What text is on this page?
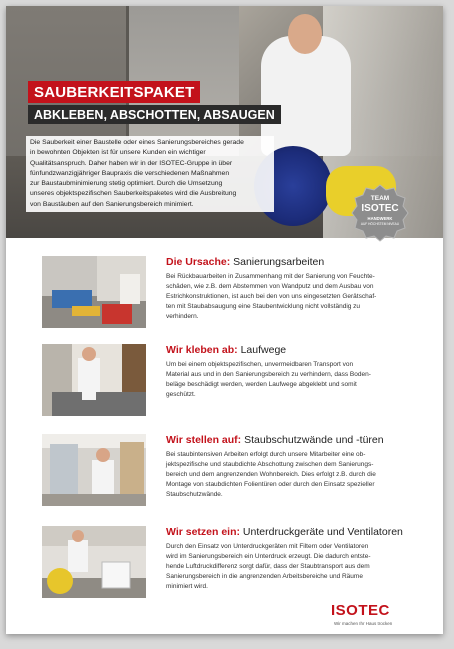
SAUBERKEITSPAKET
ABKLEBEN, ABSCHOTTEN, ABSAUGEN
Die Sauberkeit einer Baustelle oder eines Sanierungsbereiches gerade
in bewohnten Objekten ist für unsere Kunden ein wichtiger
Qualitätsanspruch. Daher haben wir in der ISOTEC-Gruppe in über
fünfundzwanzigjähriger Baupraxis die verschiedenen Maßnahmen
zur Baustaubminimierung stetig optimiert. Durch die Umsetzung
unseres objektspezifischen Sauberkeitspaketes wird die Ausbreitung
von Baustäuben auf den Sanierungsbereich minimiert.
TEAM
ISOTEC
HANDWERK
AUF HÖCHSTEM NIVEAU

Die Ursache: Sanierungsarbeiten

Bei Rückbauarbeiten in Zusammenhang mit der Sanierung von Feuchte-
schäden, wie z.B. dem Abstemmen von Wandputz und dem Ausbau von
Estrichkonstruktionen, ist auch bei den von uns eingesetzten Gerätschaf-
ten mit Staubabsaugung eine Staubentwicklung nicht vollständig zu
verhindern.

Wir kleben ab: Laufwege

Um bei einem objektspezifischen, unvermeidbaren Transport von
Material aus und in den Sanierungsbereich zu verhindern, dass Boden-
beläge beschädigt werden, werden Laufwege abgeklebt und somit
geschützt.

Wir stellen auf: Staubschutzwände und -türen

Bei staubintensiven Arbeiten erfolgt durch unsere Mitarbeiter eine ob-
jektspezifische und staubdichte Abschottung zwischen dem Sanierungs-
bereich und dem angrenzenden Wohnbereich. Dies erfolgt z.B. durch die
Montage von staubdichten Folientüren oder durch den Einsatz spezieller
Staubschutzwände.

Wir setzen ein: Unterdruckgeräte und Ventilatoren

Durch den Einsatz von Unterdruckgeräten mit Filtern oder Ventilatoren
wird im Sanierungsbereich ein Unterdruck erzeugt. Die dadurch entste-
hende Luftdruckdifferenz sorgt dafür, dass der Staubtransport aus dem
Sanierungsbereich in die angrenzenden Arbeitsbereiche und Räume
minimiert wird.
ISOTEC
Wir machen Ihr Haus trocken
